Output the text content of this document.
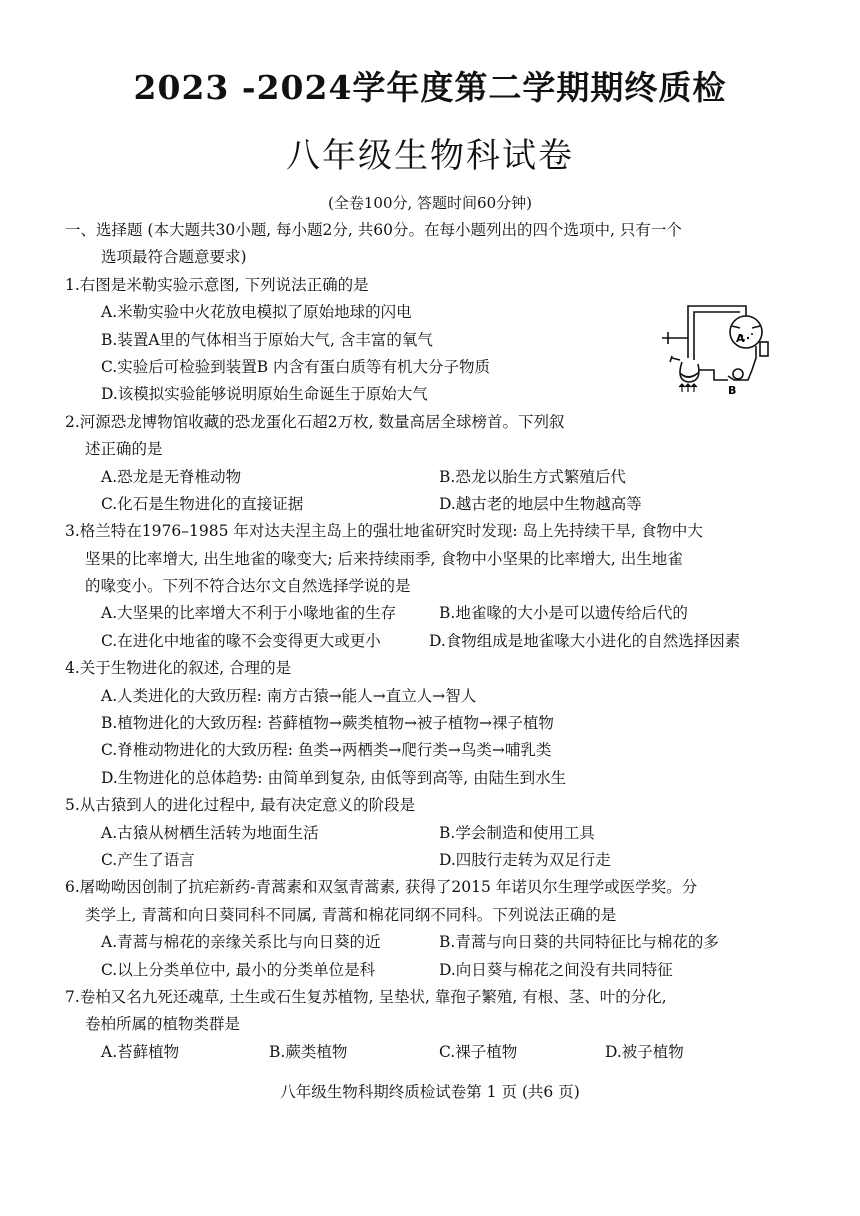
2023 -2024学年度第二学期期终质检
八年级生物科试卷
(全卷100分, 答题时间60分钟)
一、选择题 (本大题共30小题, 每小题2分, 共60分。在每小题列出的四个选项中, 只有一个
选项最符合题意要求)
1.右图是米勒实验示意图, 下列说法正确的是
A.米勒实验中火花放电模拟了原始地球的闪电
B.装置A里的气体相当于原始大气, 含丰富的氧气
C.实验后可检验到装置B 内含有蛋白质等有机大分子物质
D.该模拟实验能够说明原始生命诞生于原始大气
2.河源恐龙博物馆收藏的恐龙蛋化石超2万枚, 数量高居全球榜首。下列叙
述正确的是
A.恐龙是无脊椎动物	B.恐龙以胎生方式繁殖后代
C.化石是生物进化的直接证据	D.越古老的地层中生物越高等
3.格兰特在1976–1985 年对达夫涅主岛上的强壮地雀研究时发现: 岛上先持续干旱, 食物中大
坚果的比率增大, 出生地雀的喙变大; 后来持续雨季, 食物中小坚果的比率增大, 出生地雀
的喙变小。下列不符合达尔文自然选择学说的是
A.大坚果的比率增大不利于小喙地雀的生存	B.地雀喙的大小是可以遗传给后代的
C.在进化中地雀的喙不会变得更大或更小	D.食物组成是地雀喙大小进化的自然选择因素
4.关于生物进化的叙述, 合理的是
A.人类进化的大致历程: 南方古猿→能人→直立人→智人
B.植物进化的大致历程: 苔藓植物→蕨类植物→被子植物→裸子植物
C.脊椎动物进化的大致历程: 鱼类→两栖类→爬行类→鸟类→哺乳类
D.生物进化的总体趋势: 由简单到复杂, 由低等到高等, 由陆生到水生
5.从古猿到人的进化过程中, 最有决定意义的阶段是
A.古猿从树栖生活转为地面生活	B.学会制造和使用工具
C.产生了语言	D.四肢行走转为双足行走
6.屠呦呦因创制了抗疟新药-青蒿素和双氢青蒿素, 获得了2015 年诺贝尔生理学或医学奖。分
类学上, 青蒿和向日葵同科不同属, 青蒿和棉花同纲不同科。下列说法正确的是
A.青蒿与棉花的亲缘关系比与向日葵的近	B.青蒿与向日葵的共同特征比与棉花的多
C.以上分类单位中, 最小的分类单位是科	D.向日葵与棉花之间没有共同特征
7.卷柏又名九死还魂草, 土生或石生复苏植物, 呈垫状, 靠孢子繁殖, 有根、茎、叶的分化,
卷柏所属的植物类群是
A.苔藓植物	B.蕨类植物	C.裸子植物	D.被子植物
A
B
八年级生物科期终质检试卷第 1 页 (共6 页)
